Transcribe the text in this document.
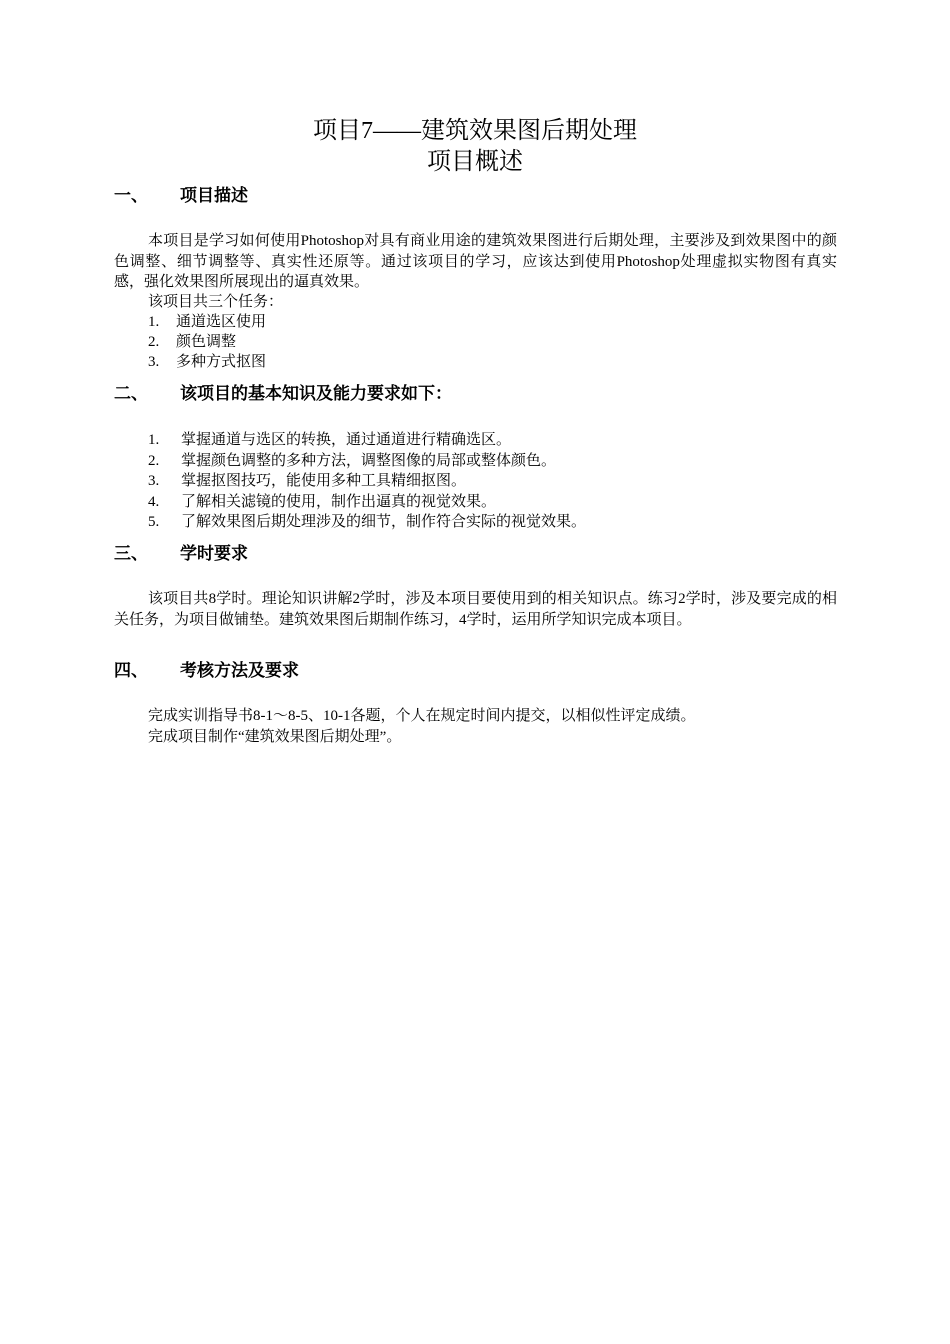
项目7——建筑效果图后期处理
项目概述
一、 项目描述
本项目是学习如何使用Photoshop对具有商业用途的建筑效果图进行后期处理，主要涉及到效果图中的颜色调整、细节调整等、真实性还原等。通过该项目的学习，应该达到使用Photoshop处理虚拟实物图有真实感，强化效果图所展现出的逼真效果。
该项目共三个任务：
1. 通道选区使用
2. 颜色调整
3. 多种方式抠图
二、 该项目的基本知识及能力要求如下：
1. 掌握通道与选区的转换，通过通道进行精确选区。
2. 掌握颜色调整的多种方法，调整图像的局部或整体颜色。
3. 掌握抠图技巧，能使用多种工具精细抠图。
4. 了解相关滤镜的使用，制作出逼真的视觉效果。
5. 了解效果图后期处理涉及的细节，制作符合实际的视觉效果。
三、 学时要求
该项目共8学时。理论知识讲解2学时，涉及本项目要使用到的相关知识点。练习2学时，涉及要完成的相关任务，为项目做铺垫。建筑效果图后期制作练习，4学时，运用所学知识完成本项目。
四、 考核方法及要求
完成实训指导书8-1～8-5、10-1各题，个人在规定时间内提交，以相似性评定成绩。
完成项目制作“建筑效果图后期处理”。
